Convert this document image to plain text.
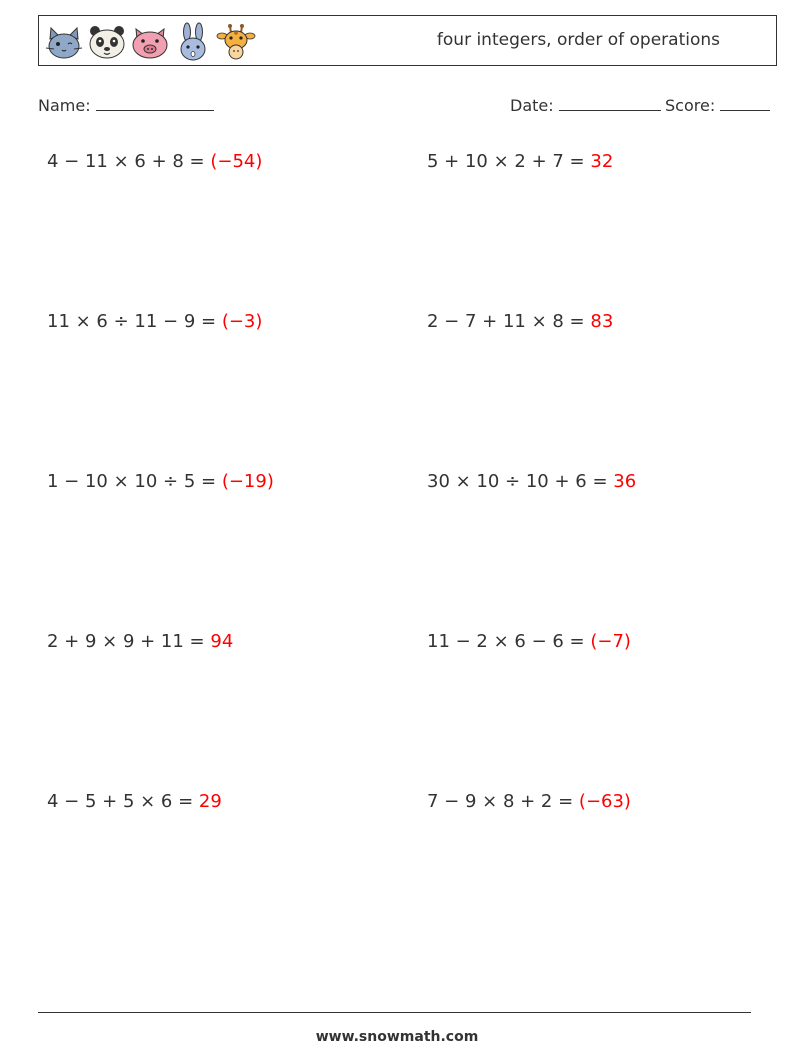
four integers, order of operations
Name:	Date:	Score:
4 − 11 × 6 + 8 = (−54)	5 + 10 × 2 + 7 = 32
11 × 6 ÷ 11 − 9 = (−3)	2 − 7 + 11 × 8 = 83
1 − 10 × 10 ÷ 5 = (−19)	30 × 10 ÷ 10 + 6 = 36
2 + 9 × 9 + 11 = 94	11 − 2 × 6 − 6 = (−7)
4 − 5 + 5 × 6 = 29	7 − 9 × 8 + 2 = (−63)
www.snowmath.com
